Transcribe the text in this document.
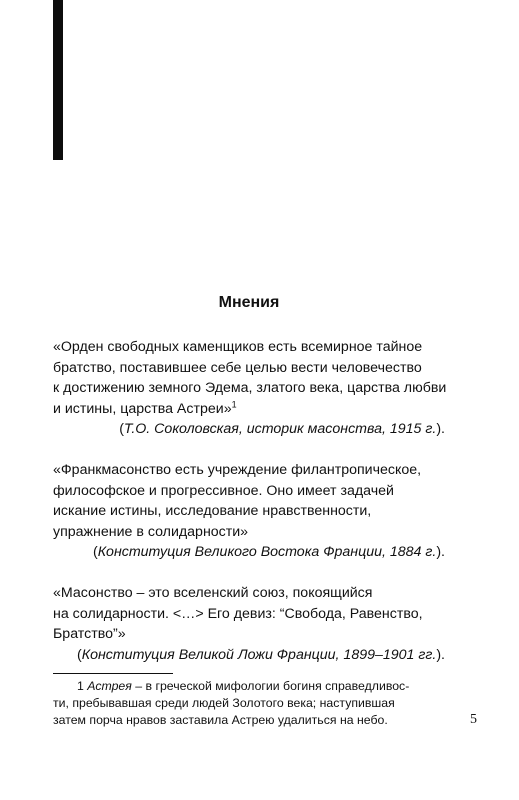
Мнения
«Орден свободных каменщиков есть всемирное тайное
братство, поставившее себе целью вести человечество
к достижению земного Эдема, златого века, царства любви
и истины, царства Астреи»$^1$
(Т.О. Соколовская, историк масонства, 1915 г.).
«Франкмасонство есть учреждение филантропическое,
философское и прогрессивное. Оно имеет задачей
искание истины, исследование нравственности,
упражнение в солидарности»
(Конституция Великого Востока Франции, 1884 г.).
«Масонство – это вселенский союз, покоящийся
на солидарности. <…> Его девиз: “Свобода, Равенство,
Братство”»
(Конституция Великой Ложи Франции, 1899–1901 гг.).
1 Астрея – в греческой мифологии богиня справедливос-
ти, пребывавшая среди людей Золотого века; наступившая
затем порча нравов заставила Астрею удалиться на небо.	5
